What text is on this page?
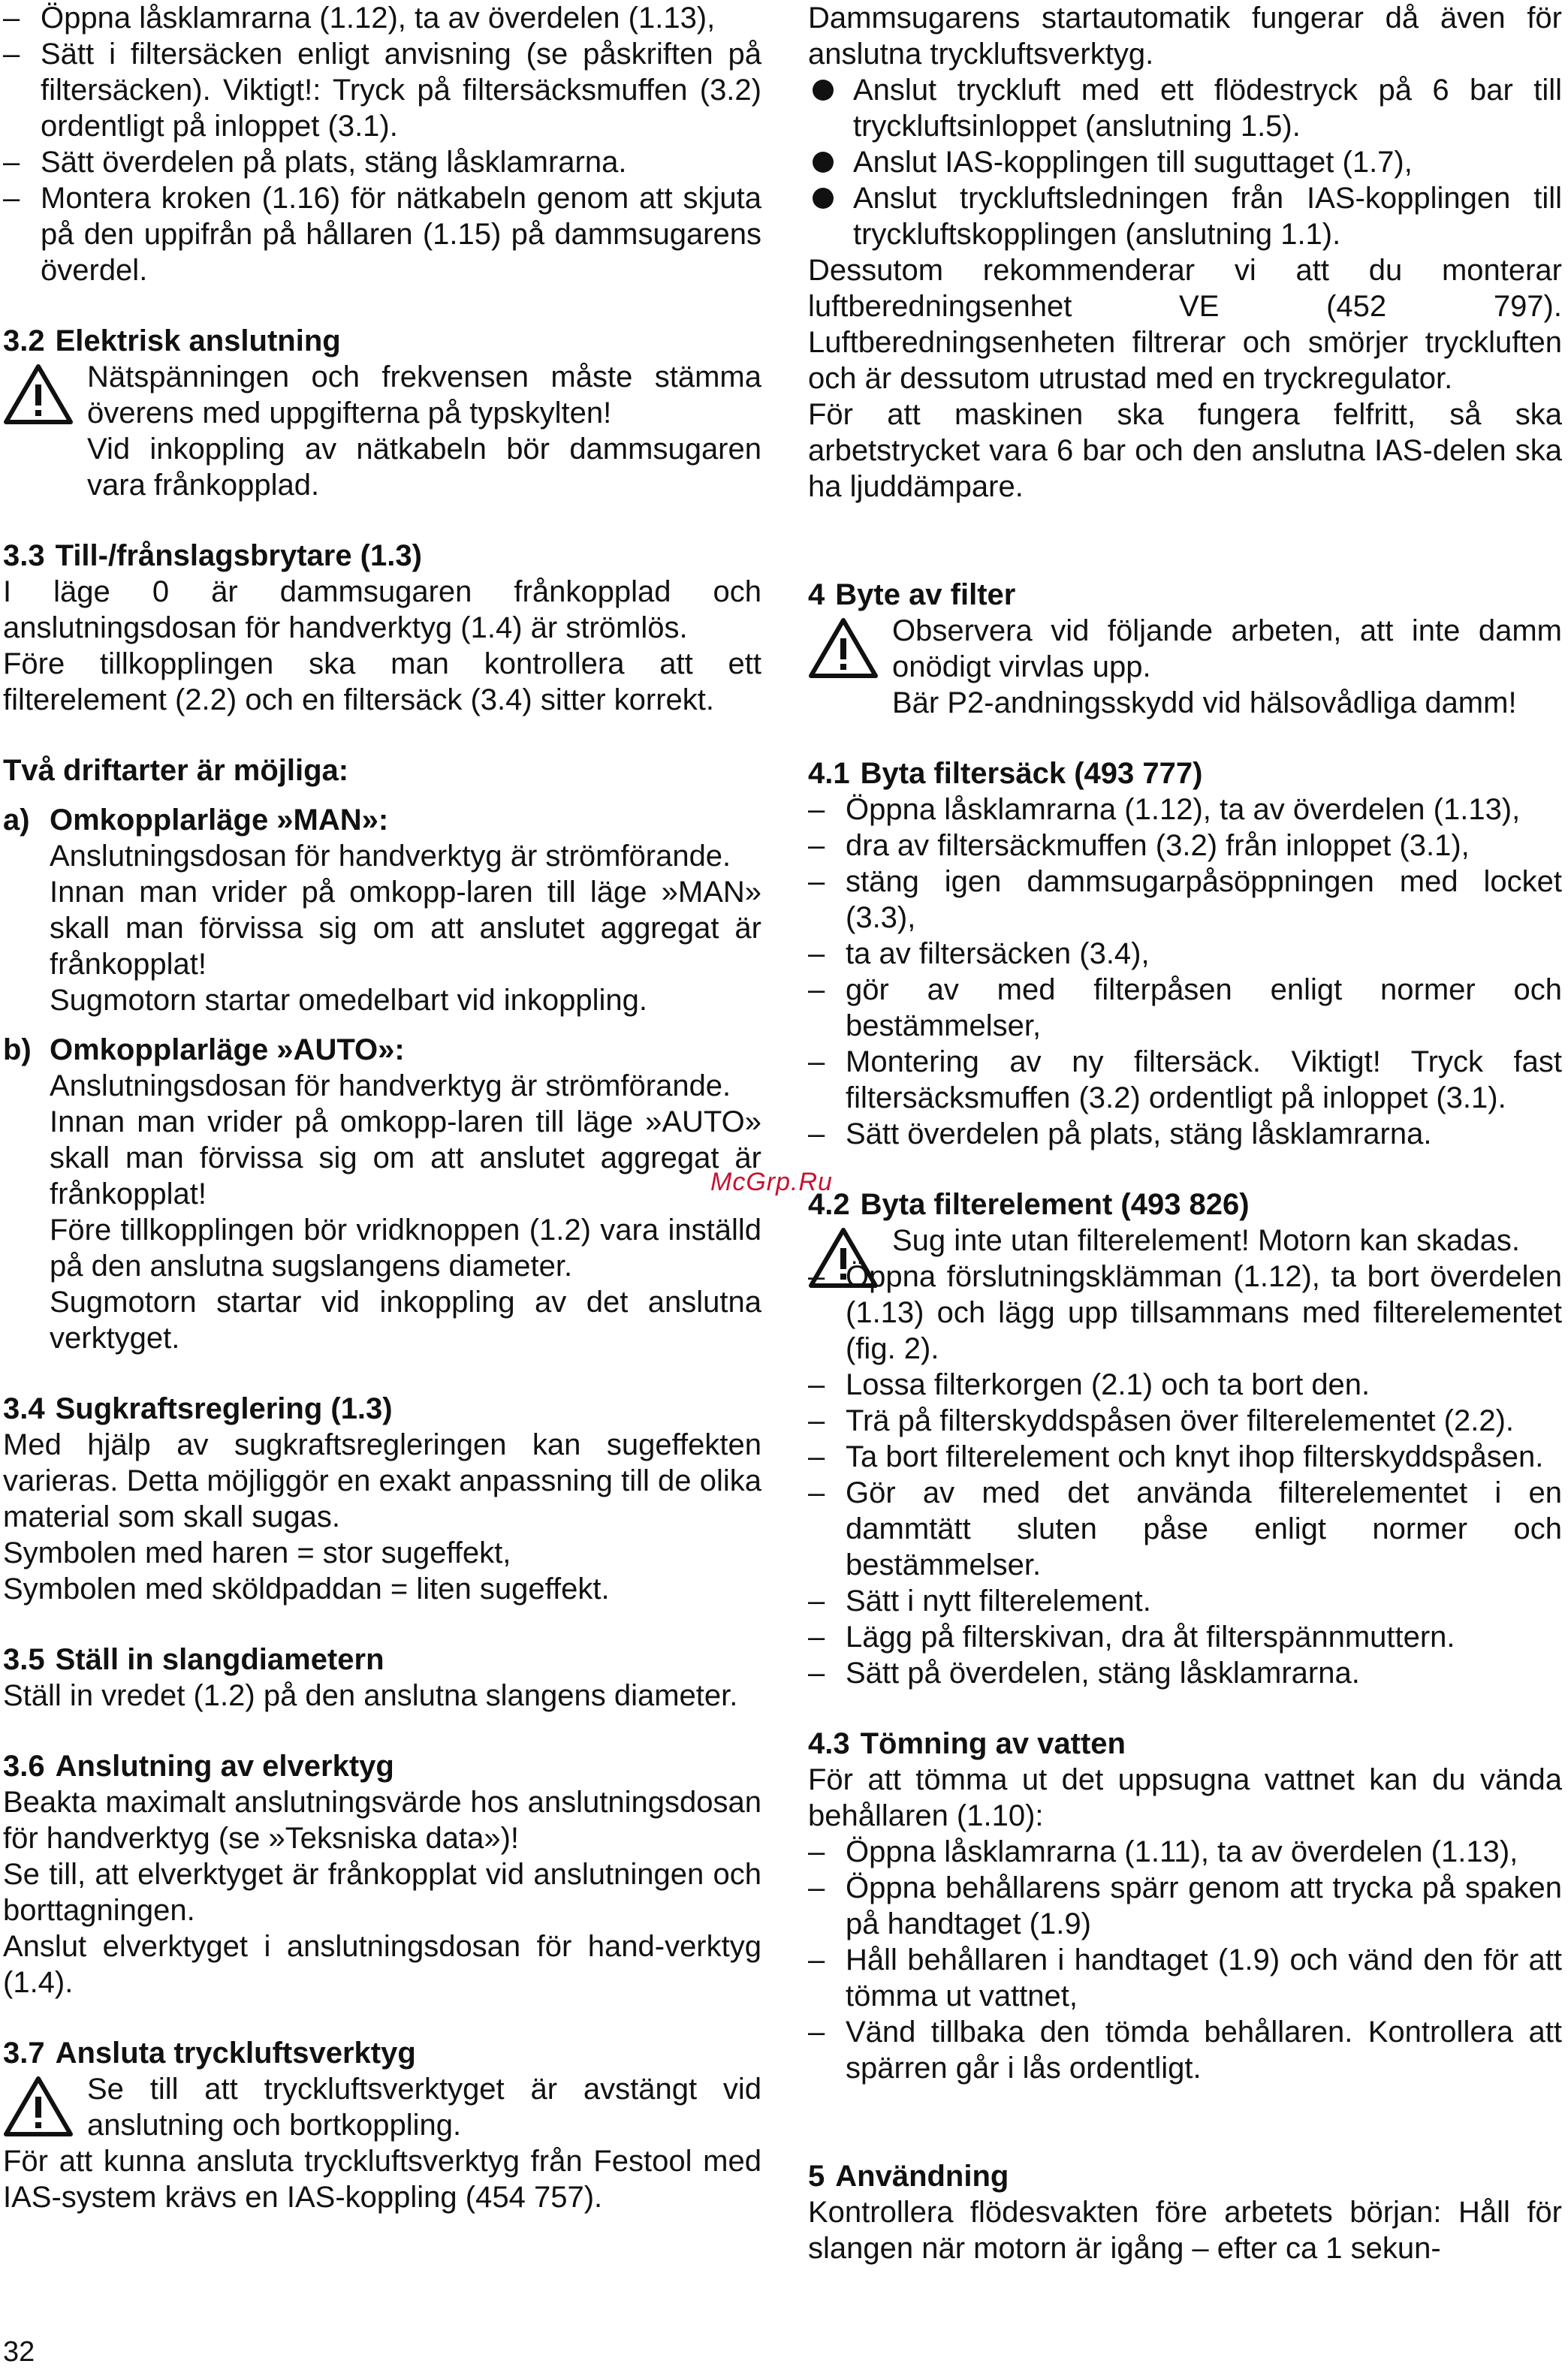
– Öppna låsklamrarna (1.12), ta av överdelen (1.13),
– Sätt i filtersäcken enligt anvisning (se påskriften på filtersäcken). Viktigt!: Tryck på filtersäcksmuffen (3.2) ordentligt på inloppet (3.1).
– Sätt överdelen på plats, stäng låsklamrarna.
– Montera kroken (1.16) för nätkabeln genom att skjuta på den uppifrån på hållaren (1.15) på dammsugarens överdel.
3.2 Elektrisk anslutning

Nätspänningen och frekvensen måste stämma överens med uppgifterna på typskylten!

Vid inkoppling av nätkabeln bör dammsugaren vara frånkopplad.

3.3 Till-/frånslagsbrytare (1.3)

I läge 0 är dammsugaren frånkopplad och anslutningsdosan för handverktyg (1.4) är strömlös.

Före tillkopplingen ska man kontrollera att ett filterelement (2.2) och en filtersäck (3.4) sitter korrekt.

Två driftarter är möjliga:
a) Omkopplarläge »MAN»:

Anslutningsdosan för handverktyg är strömförande.

Innan man vrider på omkopp-laren till läge »MAN» skall man förvissa sig om att anslutet aggregat är frånkopplat!

Sugmotorn startar omedelbart vid inkoppling.

b) Omkopplarläge »AUTO»:

Anslutningsdosan för handverktyg är strömförande.

Innan man vrider på omkopp-laren till läge »AUTO» skall man förvissa sig om att anslutet aggregat är frånkopplat!

Före tillkopplingen bör vridknoppen (1.2) vara inställd på den anslutna sugslangens diameter.

Sugmotorn startar vid inkoppling av det anslutna verktyget.

3.4 Sugkraftsreglering (1.3)

Med hjälp av sugkraftsregleringen kan sugeffekten varieras. Detta möjliggör en exakt anpassning till de olika material som skall sugas.

Symbolen med haren = stor sugeffekt,

Symbolen med sköldpaddan = liten sugeffekt.

3.5 Ställ in slangdiametern

Ställ in vredet (1.2) på den anslutna slangens diameter.

3.6 Anslutning av elverktyg

Beakta maximalt anslutningsvärde hos anslutningsdosan för handverktyg (se »Teksniska data»)!

Se till, att elverktyget är frånkopplat vid anslutningen och borttagningen.

Anslut elverktyget i anslutningsdosan för hand-verktyg (1.4).

3.7 Ansluta tryckluftsverktyg

Se till att tryckluftsverktyget är avstängt vid anslutning och bortkoppling.

För att kunna ansluta tryckluftsverktyg från Festool med IAS-system krävs en IAS-koppling (454 757).

Dammsugarens startautomatik fungerar då även för anslutna tryckluftsverktyg.

Anslut tryckluft med ett flödestryck på 6 bar till tryckluftsinloppet (anslutning 1.5).
Anslut IAS-kopplingen till suguttaget (1.7),
Anslut tryckluftsledningen från IAS-kopplingen till tryckluftskopplingen (anslutning 1.1).

Dessutom rekommenderar vi att du monterar luftberedningsenhet VE (452 797). Luftberedningsenheten filtrerar och smörjer tryckluften och är dessutom utrustad med en tryckregulator.

För att maskinen ska fungera felfritt, så ska arbetstrycket vara 6 bar och den anslutna IAS-delen ska ha ljuddämpare.

4 Byte av filter

Observera vid följande arbeten, att inte damm onödigt virvlas upp.

Bär P2-andningsskydd vid hälsovådliga damm!

4.1 Byta filtersäck (493 777)
– Öppna låsklamrarna (1.12), ta av överdelen (1.13),
– dra av filtersäckmuffen (3.2) från inloppet (3.1),
– stäng igen dammsugarpåsöppningen med locket (3.3),
– ta av filtersäcken (3.4),
– gör av med filterpåsen enligt normer och bestämmelser,
– Montering av ny filtersäck. Viktigt! Tryck fast filtersäcksmuffen (3.2) ordentligt på inloppet (3.1).
– Sätt överdelen på plats, stäng låsklamrarna.
4.2 Byta filterelement (493 826)

Sug inte utan filterelement! Motorn kan skadas.

– Öppna förslutningsklämman (1.12), ta bort överdelen (1.13) och lägg upp tillsammans med filterelementet (fig. 2).
– Lossa filterkorgen (2.1) och ta bort den.
– Trä på filterskyddspåsen över filterelementet (2.2).
– Ta bort filterelement och knyt ihop filterskyddspåsen.
– Gör av med det använda filterelementet i en dammtätt sluten påse enligt normer och bestämmelser.
– Sätt i nytt filterelement.
– Lägg på filterskivan, dra åt filterspännmuttern.
– Sätt på överdelen, stäng låsklamrarna.
4.3 Tömning av vatten

För att tömma ut det uppsugna vattnet kan du vända behållaren (1.10):

– Öppna låsklamrarna (1.11), ta av överdelen (1.13),
– Öppna behållarens spärr genom att trycka på spaken på handtaget (1.9)
– Håll behållaren i handtaget (1.9) och vänd den för att tömma ut vattnet,
– Vänd tillbaka den tömda behållaren. Kontrollera att spärren går i lås ordentligt.
5 Användning

Kontrollera flödesvakten före arbetets början: Håll för slangen när motorn är igång – efter ca 1 sekun-

McGrp.Ru
32
